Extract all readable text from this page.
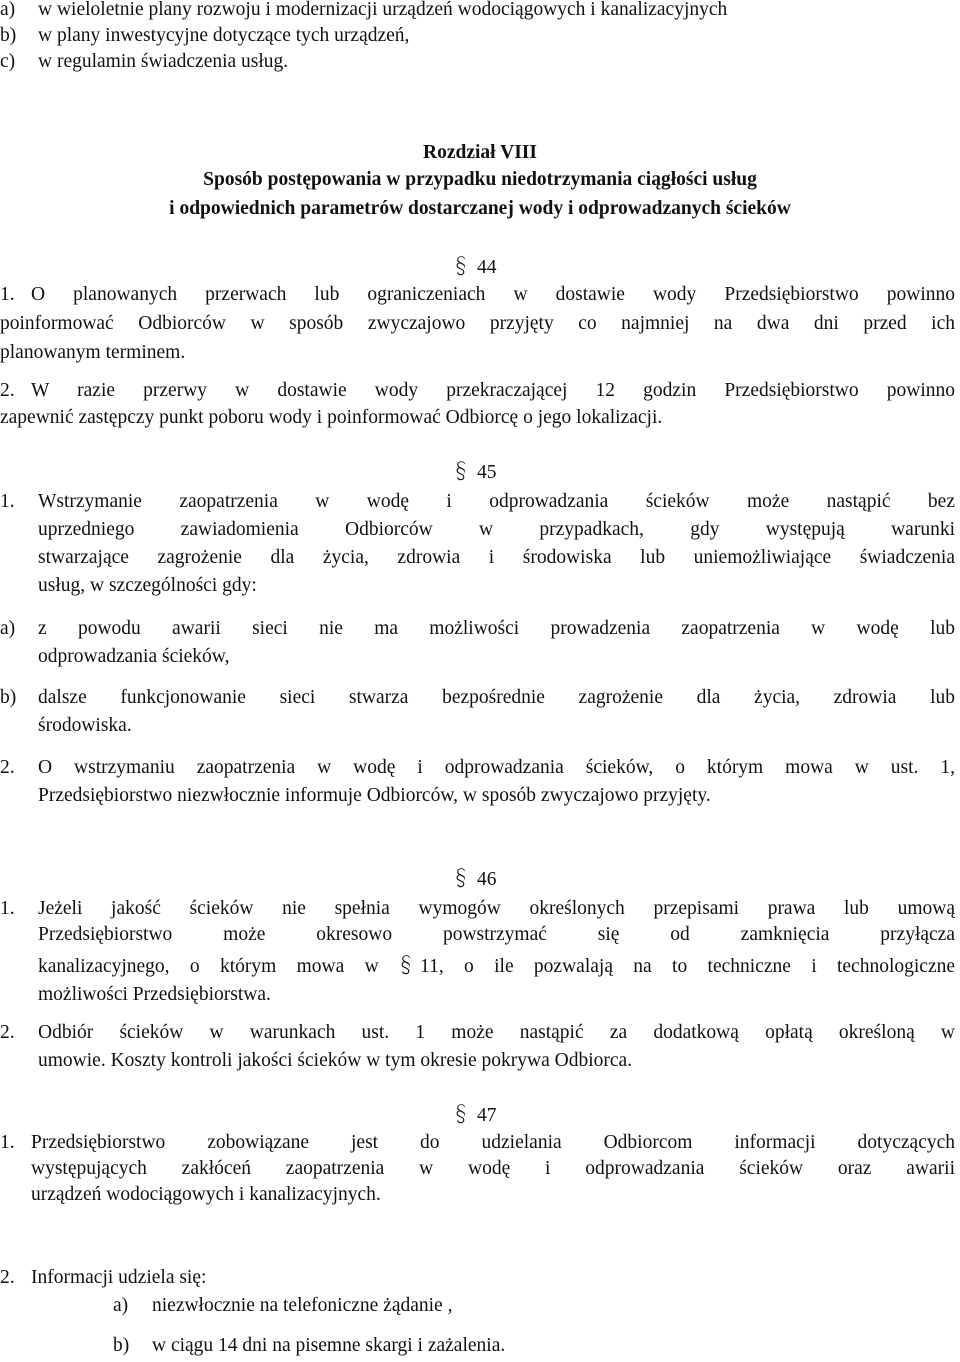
a) w wieloletnie plany rozwoju i modernizacji urządzeń wodociągowych i kanalizacyjnych
b) w plany inwestycyjne dotyczące tych urządzeń,
c) w regulamin świadczenia usług.
Rozdział VIII
Sposób postępowania w przypadku niedotrzymania ciągłości usług
i odpowiednich parametrów dostarczanej wody i odprowadzanych ścieków
44
1. O planowanych przerwach lub ograniczeniach w dostawie wody Przedsiębiorstwo powinno
poinformować Odbiorców w sposób zwyczajowo przyjęty co najmniej na dwa dni przed ich
planowanym terminem.
2. W razie przerwy w dostawie wody przekraczającej 12 godzin Przedsiębiorstwo powinno
zapewnić zastępczy punkt poboru wody i poinformować Odbiorcę o jego lokalizacji.
45
1. Wstrzymanie zaopatrzenia w wodę i odprowadzania ścieków może nastąpić bez
uprzedniego zawiadomienia Odbiorców w przypadkach, gdy występują warunki
stwarzające zagrożenie dla życia, zdrowia i środowiska lub uniemożliwiające świadczenia
usług, w szczególności gdy:
a) z powodu awarii sieci nie ma możliwości prowadzenia zaopatrzenia w wodę lub
odprowadzania ścieków,
b) dalsze funkcjonowanie sieci stwarza bezpośrednie zagrożenie dla życia, zdrowia lub
środowiska.
2. O wstrzymaniu zaopatrzenia w wodę i odprowadzania ścieków, o którym mowa w ust. 1,
Przedsiębiorstwo niezwłocznie informuje Odbiorców, w sposób zwyczajowo przyjęty.
46
1. Jeżeli jakość ścieków nie spełnia wymogów określonych przepisami prawa lub umową
Przedsiębiorstwo może okresowo powstrzymać się od zamknięcia przyłącza
kanalizacyjnego, o którym mowa w 11, o ile pozwalają na to techniczne i technologiczne
możliwości Przedsiębiorstwa.
2. Odbiór ścieków w warunkach ust. 1 może nastąpić za dodatkową opłatą określoną w
umowie. Koszty kontroli jakości ścieków w tym okresie pokrywa Odbiorca.
47
1. Przedsiębiorstwo zobowiązane jest do udzielania Odbiorcom informacji dotyczących
występujących zakłóceń zaopatrzenia w wodę i odprowadzania ścieków oraz awarii
urządzeń wodociągowych i kanalizacyjnych.
2. Informacji udziela się:
a) niezwłocznie na telefoniczne żądanie ,
b) w ciągu 14 dni na pisemne skargi i zażalenia.
